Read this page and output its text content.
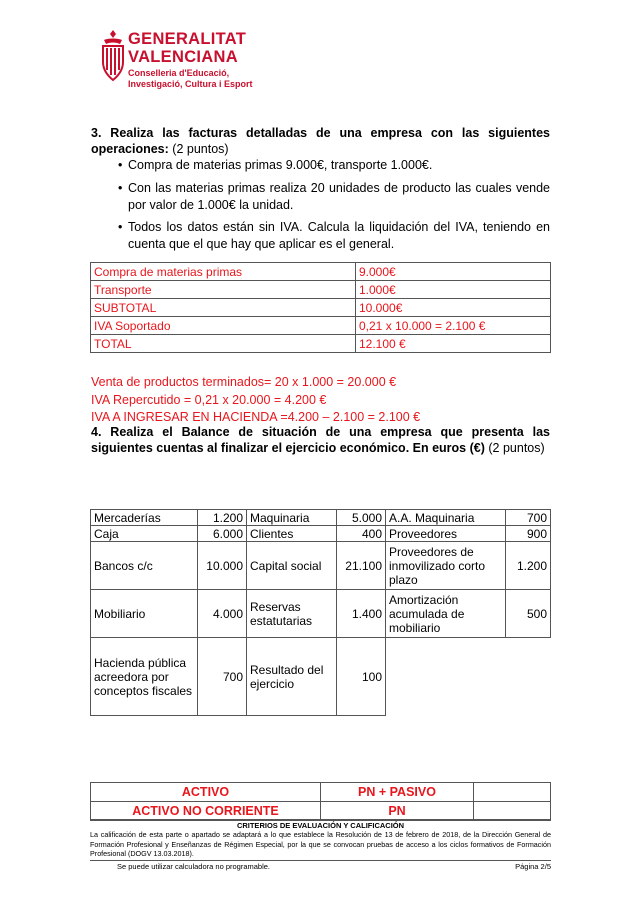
GENERALITAT
VALENCIANA
Conselleria d'Educació,
Investigació, Cultura i Esport
3. Realiza las facturas detalladas de una empresa con las siguientes operaciones: (2 puntos)
• Compra de materias primas 9.000€, transporte 1.000€.
• Con las materias primas realiza 20 unidades de producto las cuales vende por valor de 1.000€ la unidad.
• Todos los datos están sin IVA. Calcula la liquidación del IVA, teniendo en cuenta que el que hay que aplicar es el general.
Compra de materias primas	9.000€
Transporte	1.000€
SUBTOTAL	10.000€
IVA Soportado	0,21 x 10.000 = 2.100 €
TOTAL	12.100 €
Venta de productos terminados= 20 x 1.000 = 20.000 €
IVA Repercutido = 0,21 x 20.000 = 4.200 €
IVA A INGRESAR EN HACIENDA =4.200 – 2.100 = 2.100 €
4. Realiza el Balance de situación de una empresa que presenta las siguientes cuentas al finalizar el ejercicio económico. En euros (€) (2 puntos)
Mercaderías	1.200	Maquinaria	5.000	A.A. Maquinaria	700
Caja	6.000	Clientes	400	Proveedores	900
Bancos c/c	10.000	Capital social	21.100	Proveedores de inmovilizado corto plazo	1.200
Mobiliario	4.000	Reservas estatutarias	1.400	Amortización acumulada de mobiliario	500
Hacienda pública acreedora por conceptos fiscales	700	Resultado del ejercicio	100		
ACTIVO	PN + PASIVO	
ACTIVO NO CORRIENTE	PN	
CRITERIOS DE EVALUACIÓN Y CALIFICACIÓN
La calificación de esta parte o apartado se adaptará a lo que establece la Resolución de 13 de febrero de 2018, de la Dirección General de Formación Profesional y Enseñanzas de Régimen Especial, por la que se convocan pruebas de acceso a los ciclos formativos de Formación Profesional (DOGV 13.03.2018).
Se puede utilizar calculadora no programable.	Página 2/5
